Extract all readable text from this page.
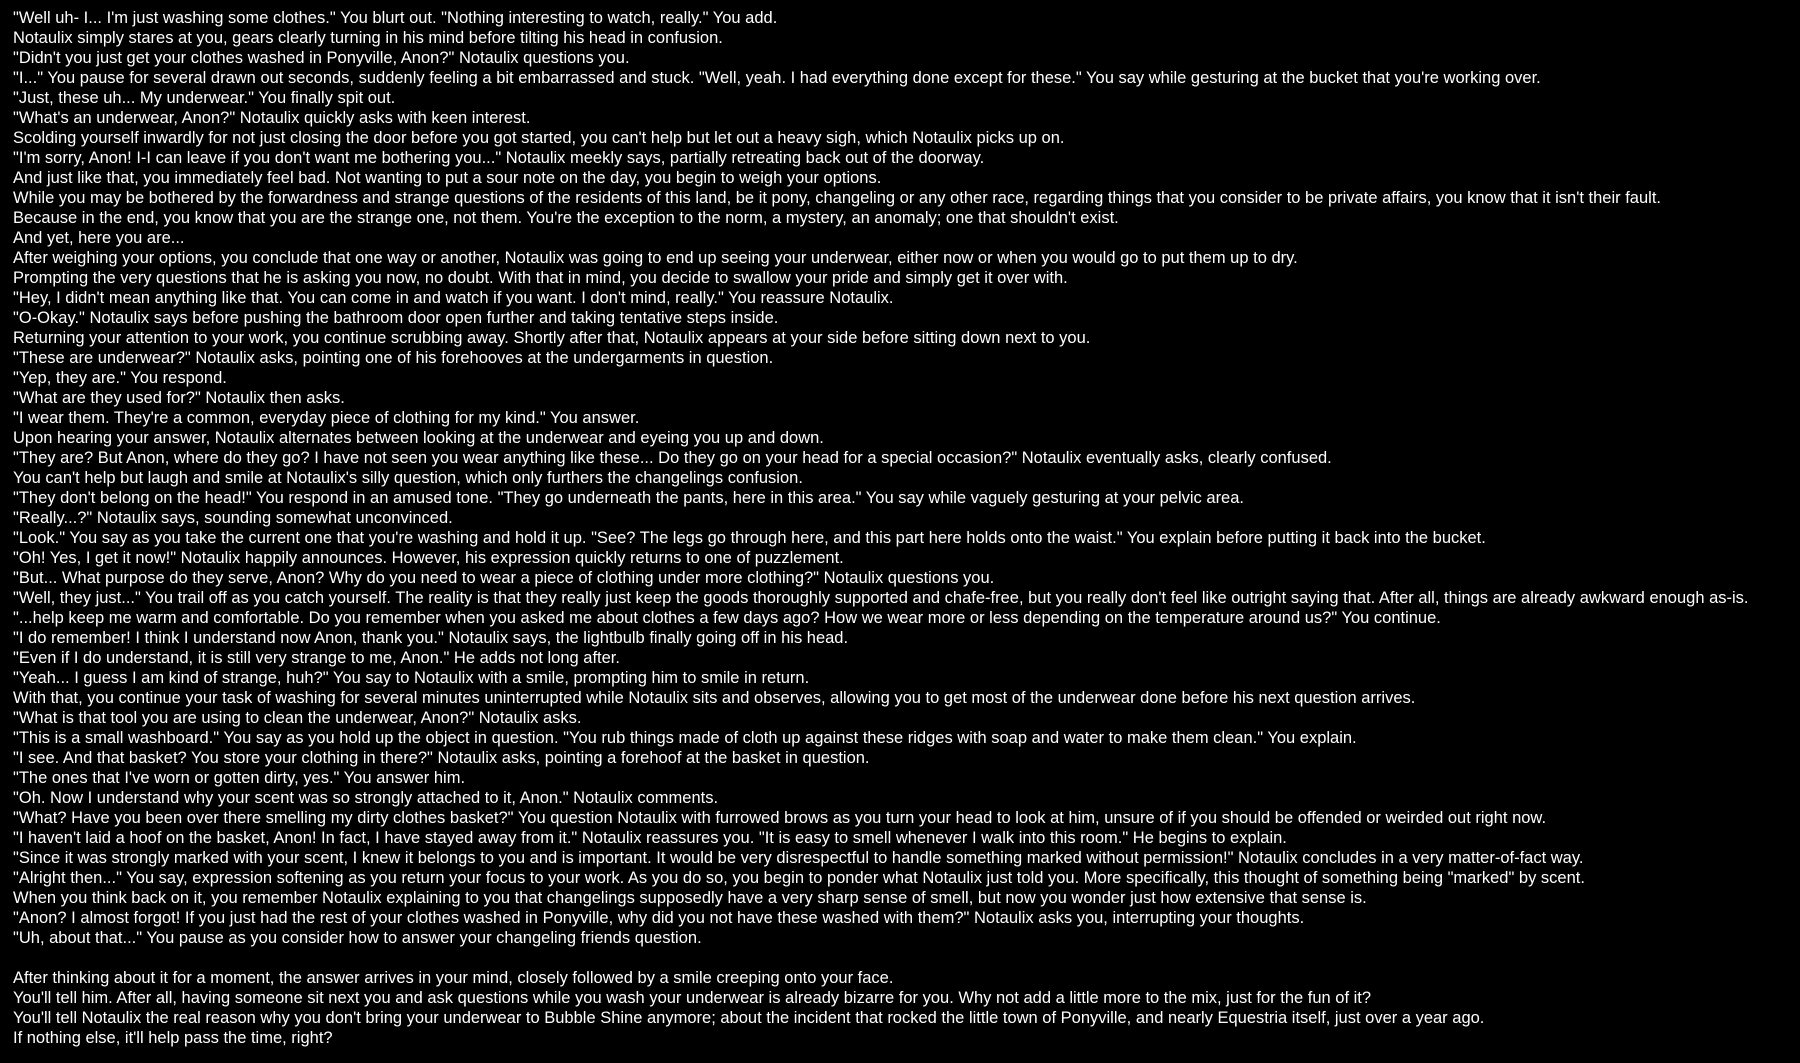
"Well uh- I... I'm just washing some clothes." You blurt out. "Nothing interesting to watch, really." You add.
Notaulix simply stares at you, gears clearly turning in his mind before tilting his head in confusion.
"Didn't you just get your clothes washed in Ponyville, Anon?" Notaulix questions you.
"I..." You pause for several drawn out seconds, suddenly feeling a bit embarrassed and stuck. "Well, yeah. I had everything done except for these." You say while gesturing at the bucket that you're working over.
"Just, these uh... My underwear." You finally spit out.
"What's an underwear, Anon?" Notaulix quickly asks with keen interest.
Scolding yourself inwardly for not just closing the door before you got started, you can't help but let out a heavy sigh, which Notaulix picks up on.
"I'm sorry, Anon! I-I can leave if you don't want me bothering you..." Notaulix meekly says, partially retreating back out of the doorway.
And just like that, you immediately feel bad. Not wanting to put a sour note on the day, you begin to weigh your options.
While you may be bothered by the forwardness and strange questions of the residents of this land, be it pony, changeling or any other race, regarding things that you consider to be private affairs, you know that it isn't their fault.
Because in the end, you know that you are the strange one, not them. You're the exception to the norm, a mystery, an anomaly; one that shouldn't exist.
And yet, here you are...
After weighing your options, you conclude that one way or another, Notaulix was going to end up seeing your underwear, either now or when you would go to put them up to dry.
Prompting the very questions that he is asking you now, no doubt. With that in mind, you decide to swallow your pride and simply get it over with.
"Hey, I didn't mean anything like that. You can come in and watch if you want. I don't mind, really." You reassure Notaulix.
"O-Okay." Notaulix says before pushing the bathroom door open further and taking tentative steps inside.
Returning your attention to your work, you continue scrubbing away. Shortly after that, Notaulix appears at your side before sitting down next to you.
"These are underwear?" Notaulix asks, pointing one of his forehooves at the undergarments in question.
"Yep, they are." You respond.
"What are they used for?" Notaulix then asks.
"I wear them. They're a common, everyday piece of clothing for my kind." You answer.
Upon hearing your answer, Notaulix alternates between looking at the underwear and eyeing you up and down.
"They are? But Anon, where do they go? I have not seen you wear anything like these... Do they go on your head for a special occasion?" Notaulix eventually asks, clearly confused.
You can't help but laugh and smile at Notaulix's silly question, which only furthers the changelings confusion.
"They don't belong on the head!" You respond in an amused tone. "They go underneath the pants, here in this area." You say while vaguely gesturing at your pelvic area.
"Really...?" Notaulix says, sounding somewhat unconvinced.
"Look." You say as you take the current one that you're washing and hold it up. "See? The legs go through here, and this part here holds onto the waist." You explain before putting it back into the bucket.
"Oh! Yes, I get it now!" Notaulix happily announces. However, his expression quickly returns to one of puzzlement.
"But... What purpose do they serve, Anon? Why do you need to wear a piece of clothing under more clothing?" Notaulix questions you.
"Well, they just..." You trail off as you catch yourself. The reality is that they really just keep the goods thoroughly supported and chafe-free, but you really don't feel like outright saying that. After all, things are already awkward enough as-is.
"...help keep me warm and comfortable. Do you remember when you asked me about clothes a few days ago? How we wear more or less depending on the temperature around us?" You continue.
"I do remember! I think I understand now Anon, thank you." Notaulix says, the lightbulb finally going off in his head.
"Even if I do understand, it is still very strange to me, Anon." He adds not long after.
"Yeah... I guess I am kind of strange, huh?" You say to Notaulix with a smile, prompting him to smile in return.
With that, you continue your task of washing for several minutes uninterrupted while Notaulix sits and observes, allowing you to get most of the underwear done before his next question arrives.
"What is that tool you are using to clean the underwear, Anon?" Notaulix asks.
"This is a small washboard." You say as you hold up the object in question. "You rub things made of cloth up against these ridges with soap and water to make them clean." You explain.
"I see. And that basket? You store your clothing in there?" Notaulix asks, pointing a forehoof at the basket in question.
"The ones that I've worn or gotten dirty, yes." You answer him.
"Oh. Now I understand why your scent was so strongly attached to it, Anon." Notaulix comments.
"What? Have you been over there smelling my dirty clothes basket?" You question Notaulix with furrowed brows as you turn your head to look at him, unsure of if you should be offended or weirded out right now.
"I haven't laid a hoof on the basket, Anon! In fact, I have stayed away from it." Notaulix reassures you. "It is easy to smell whenever I walk into this room." He begins to explain.
"Since it was strongly marked with your scent, I knew it belongs to you and is important. It would be very disrespectful to handle something marked without permission!" Notaulix concludes in a very matter-of-fact way.
"Alright then..." You say, expression softening as you return your focus to your work. As you do so, you begin to ponder what Notaulix just told you. More specifically, this thought of something being "marked" by scent.
When you think back on it, you remember Notaulix explaining to you that changelings supposedly have a very sharp sense of smell, but now you wonder just how extensive that sense is.
"Anon? I almost forgot! If you just had the rest of your clothes washed in Ponyville, why did you not have these washed with them?" Notaulix asks you, interrupting your thoughts.
"Uh, about that..." You pause as you consider how to answer your changeling friends question.
After thinking about it for a moment, the answer arrives in your mind, closely followed by a smile creeping onto your face.
You'll tell him. After all, having someone sit next you and ask questions while you wash your underwear is already bizarre for you. Why not add a little more to the mix, just for the fun of it?
You'll tell Notaulix the real reason why you don't bring your underwear to Bubble Shine anymore; about the incident that rocked the little town of Ponyville, and nearly Equestria itself, just over a year ago.
If nothing else, it'll help pass the time, right?
